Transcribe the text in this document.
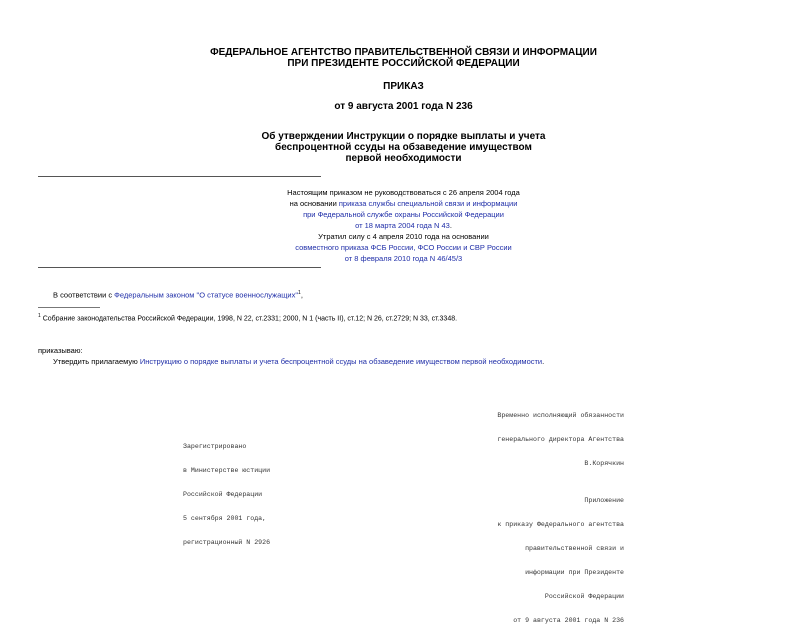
ФЕДЕРАЛЬНОЕ АГЕНТСТВО ПРАВИТЕЛЬСТВЕННОЙ СВЯЗИ И ИНФОРМАЦИИ
ПРИ ПРЕЗИДЕНТЕ РОССИЙСКОЙ ФЕДЕРАЦИИ
ПРИКАЗ
от 9 августа 2001 года N 236
Об утверждении Инструкции о порядке выплаты и учета
беспроцентной ссуды на обзаведение имуществом
первой необходимости
Настоящим приказом не руководствоваться с 26 апреля 2004 года
на основании приказа службы специальной связи и информации
при Федеральной службе охраны Российской Федерации
от 18 марта 2004 года N 43.
Утратил силу с 4 апреля 2010 года на основании
совместного приказа ФСБ России, ФСО России и СВР России
от 8 февраля 2010 года N 46/45/3
В соответствии с Федеральным законом "О статусе военнослужащих"$^1$,
$^1$ Собрание законодательства Российской Федерации, 1998, N 22, ст.2331; 2000, N 1 (часть II), ст.12; N 26, ст.2729; N 33, ст.3348.
приказываю:
Утвердить прилагаемую Инструкцию о порядке выплаты и учета беспроцентной ссуды на обзаведение имуществом первой необходимости.

Временно исполняющий обязанности

генерального директора Агентства

В.Корячкин

Зарегистрировано

в Министерстве юстиции

Российской Федерации

5 сентября 2001 года,

регистрационный N 2926

Приложение

к приказу Федерального агентства

правительственной связи и

информации при Президенте

Российской Федерации

от 9 августа 2001 года N 236
